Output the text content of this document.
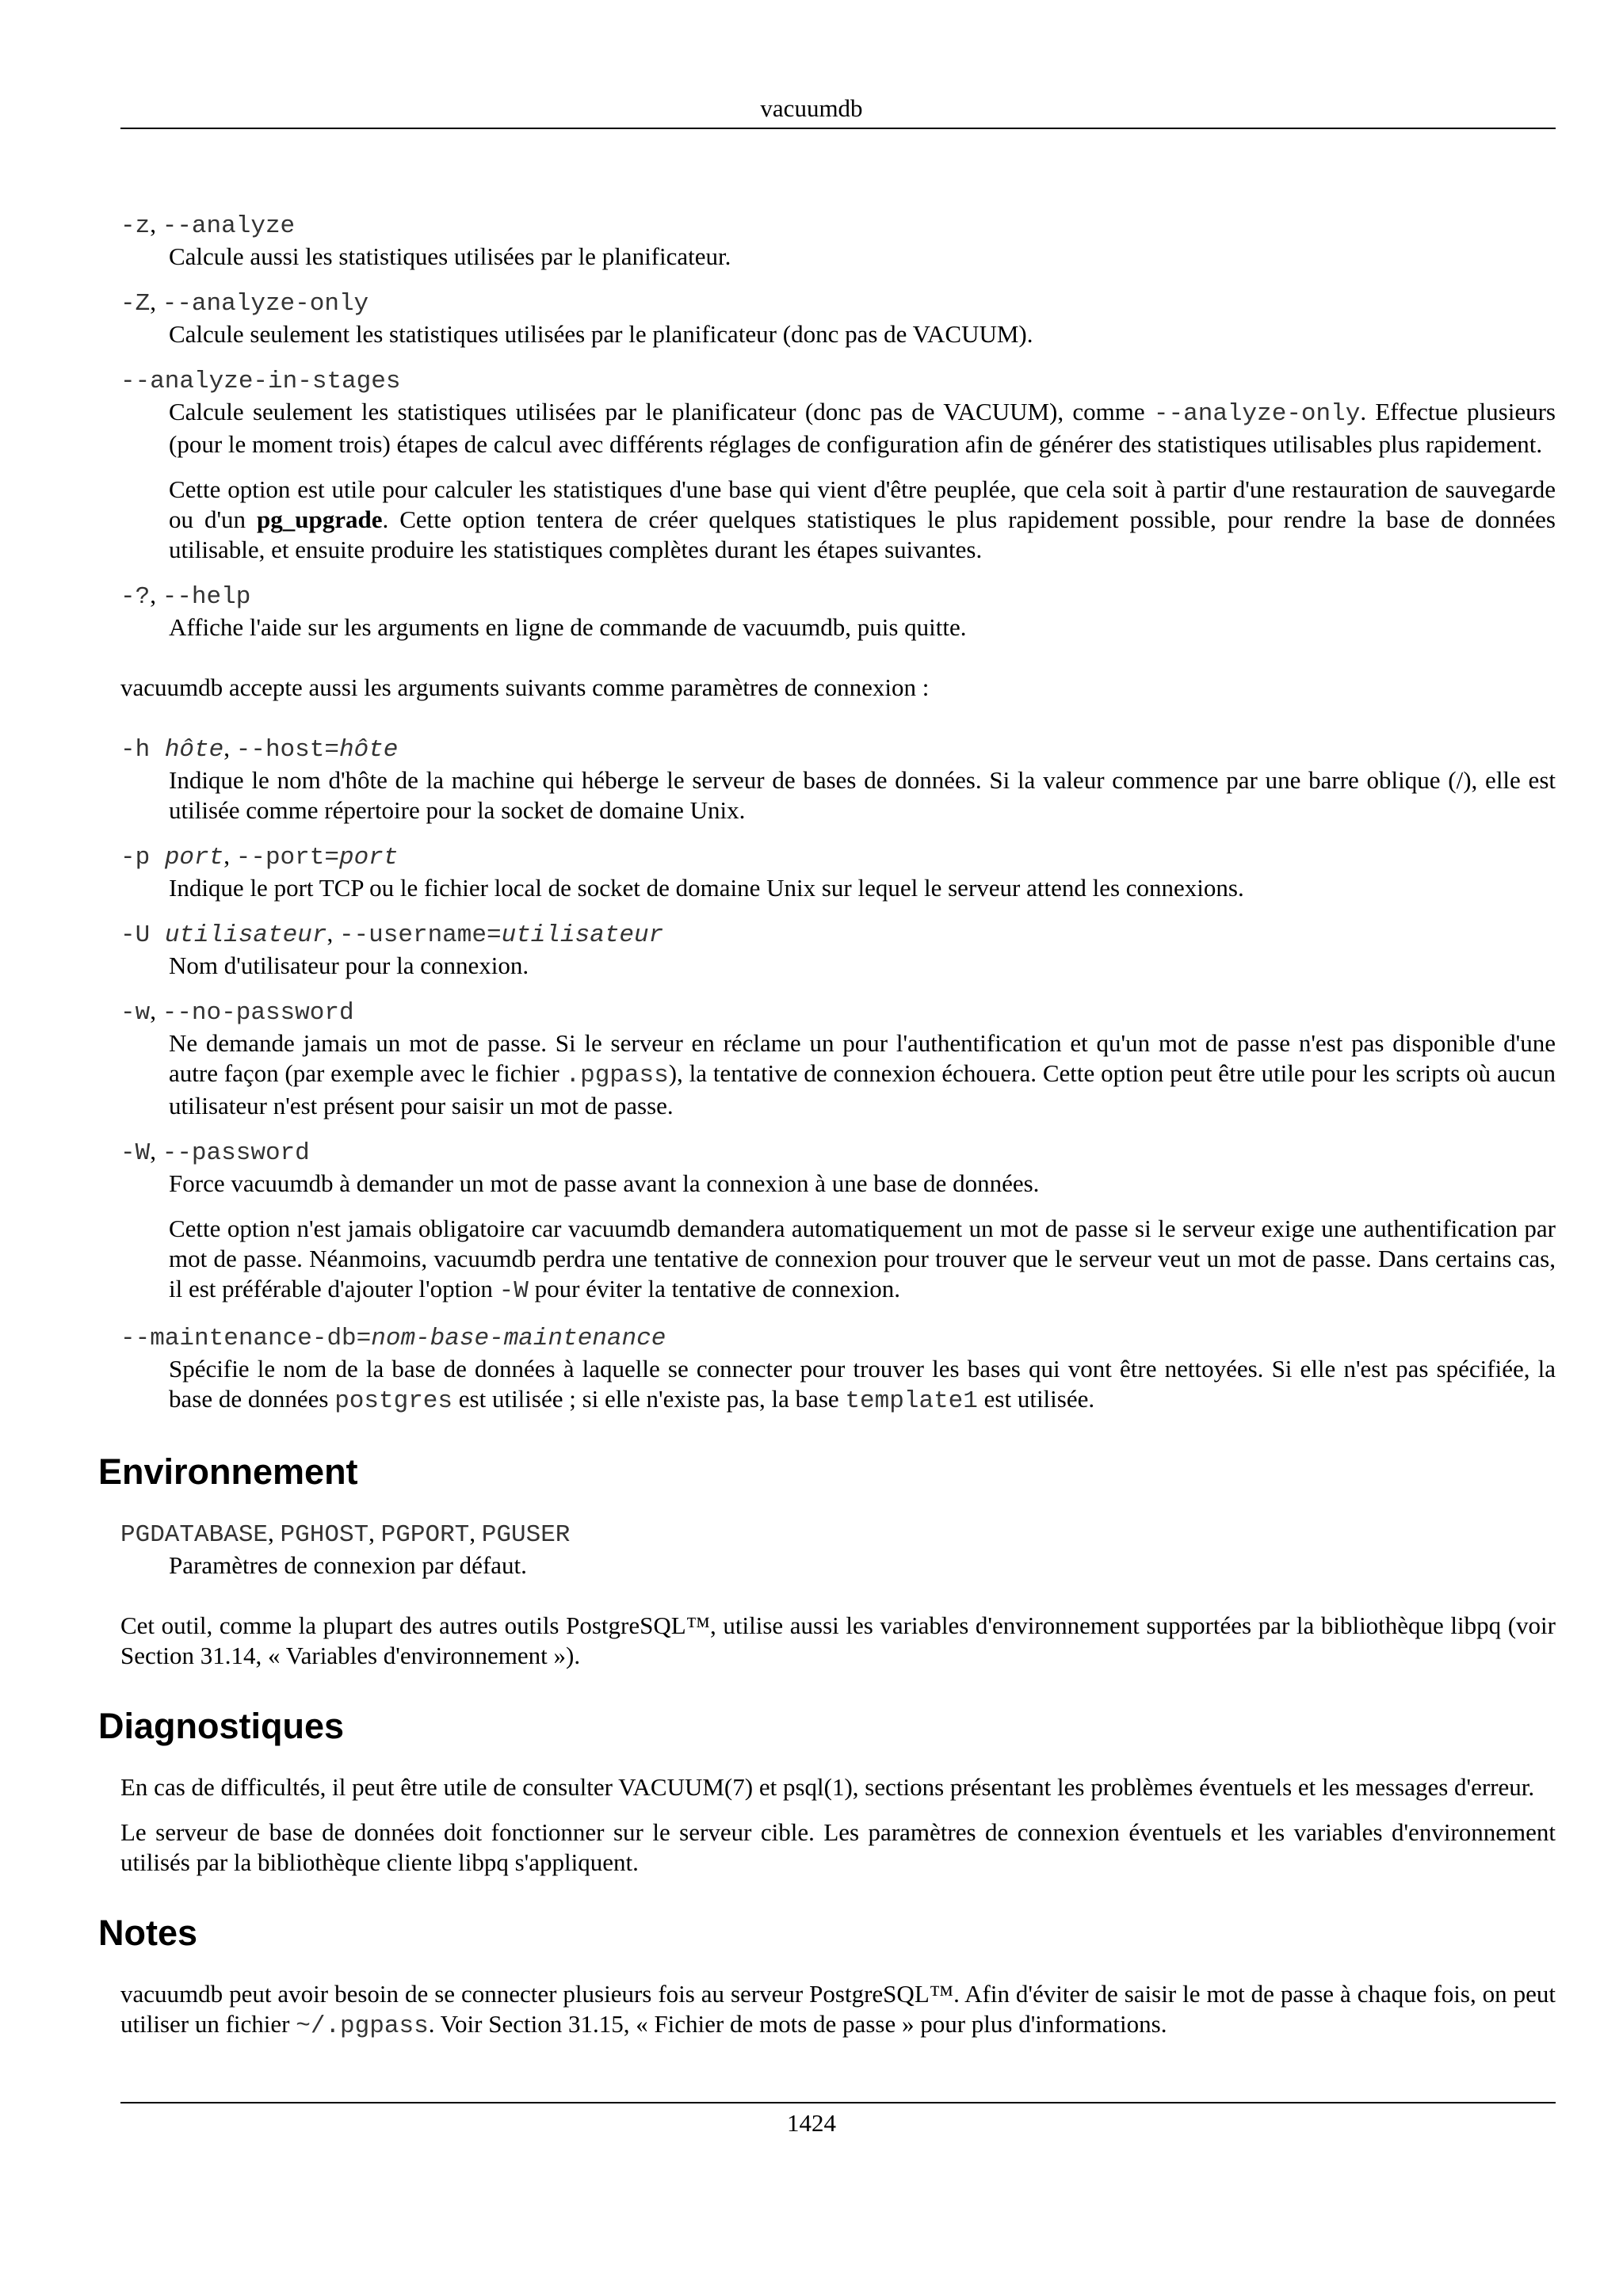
vacuumdb
-z, --analyze
Calcule aussi les statistiques utilisées par le planificateur.
-Z, --analyze-only
Calcule seulement les statistiques utilisées par le planificateur (donc pas de VACUUM).
--analyze-in-stages
Calcule seulement les statistiques utilisées par le planificateur (donc pas de VACUUM), comme --analyze-only. Effectue plusieurs (pour le moment trois) étapes de calcul avec différents réglages de configuration afin de générer des statistiques utilisables plus rapidement.
Cette option est utile pour calculer les statistiques d'une base qui vient d'être peuplée, que cela soit à partir d'une restauration de sauvegarde ou d'un pg_upgrade. Cette option tentera de créer quelques statistiques le plus rapidement possible, pour rendre la base de données utilisable, et ensuite produire les statistiques complètes durant les étapes suivantes.
-?, --help
Affiche l'aide sur les arguments en ligne de commande de vacuumdb, puis quitte.

vacuumdb accepte aussi les arguments suivants comme paramètres de connexion :

-h hôte, --host=hôte
Indique le nom d'hôte de la machine qui héberge le serveur de bases de données. Si la valeur commence par une barre oblique (/), elle est utilisée comme répertoire pour la socket de domaine Unix.
-p port, --port=port
Indique le port TCP ou le fichier local de socket de domaine Unix sur lequel le serveur attend les connexions.
-U utilisateur, --username=utilisateur
Nom d'utilisateur pour la connexion.
-w, --no-password
Ne demande jamais un mot de passe. Si le serveur en réclame un pour l'authentification et qu'un mot de passe n'est pas disponible d'une autre façon (par exemple avec le fichier .pgpass), la tentative de connexion échouera. Cette option peut être utile pour les scripts où aucun utilisateur n'est présent pour saisir un mot de passe.
-W, --password
Force vacuumdb à demander un mot de passe avant la connexion à une base de données.
Cette option n'est jamais obligatoire car vacuumdb demandera automatiquement un mot de passe si le serveur exige une authentification par mot de passe. Néanmoins, vacuumdb perdra une tentative de connexion pour trouver que le serveur veut un mot de passe. Dans certains cas, il est préférable d'ajouter l'option -W pour éviter la tentative de connexion.
--maintenance-db=nom-base-maintenance
Spécifie le nom de la base de données à laquelle se connecter pour trouver les bases qui vont être nettoyées. Si elle n'est pas spécifiée, la base de données postgres est utilisée ; si elle n'existe pas, la base template1 est utilisée.
Environnement
PGDATABASE, PGHOST, PGPORT, PGUSER
Paramètres de connexion par défaut.

Cet outil, comme la plupart des autres outils PostgreSQL™, utilise aussi les variables d'environnement supportées par la bibliothèque libpq (voir Section 31.14, « Variables d'environnement »).

Diagnostiques

En cas de difficultés, il peut être utile de consulter VACUUM(7) et psql(1), sections présentant les problèmes éventuels et les messages d'erreur.

Le serveur de base de données doit fonctionner sur le serveur cible. Les paramètres de connexion éventuels et les variables d'environnement utilisés par la bibliothèque cliente libpq s'appliquent.

Notes

vacuumdb peut avoir besoin de se connecter plusieurs fois au serveur PostgreSQL™. Afin d'éviter de saisir le mot de passe à chaque fois, on peut utiliser un fichier ~/.pgpass. Voir Section 31.15, « Fichier de mots de passe » pour plus d'informations.

1424
